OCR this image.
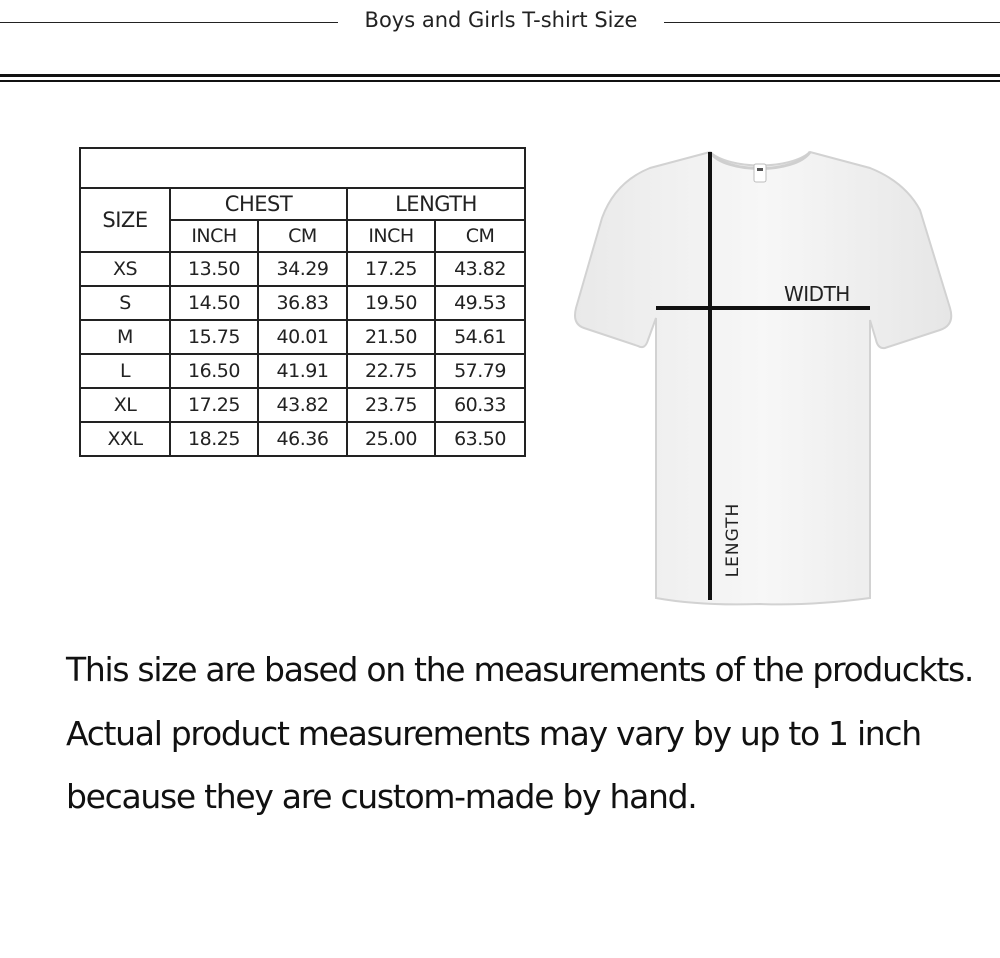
Boys and Girls T-shirt Size

SIZE	CHEST		LENGTH	
	INCH	CM	INCH	CM
XS	13.50	34.29	17.25	43.82
S	14.50	36.83	19.50	49.53
M	15.75	40.01	21.50	54.61
L	16.50	41.91	22.75	57.79
XL	17.25	43.82	23.75	60.33
XXL	18.25	46.36	25.00	63.50
WIDTH
LENGTH

This size are based on the measurements of the produckts.

Actual product measurements may vary by up to 1 inch

because they are custom-made by hand.
